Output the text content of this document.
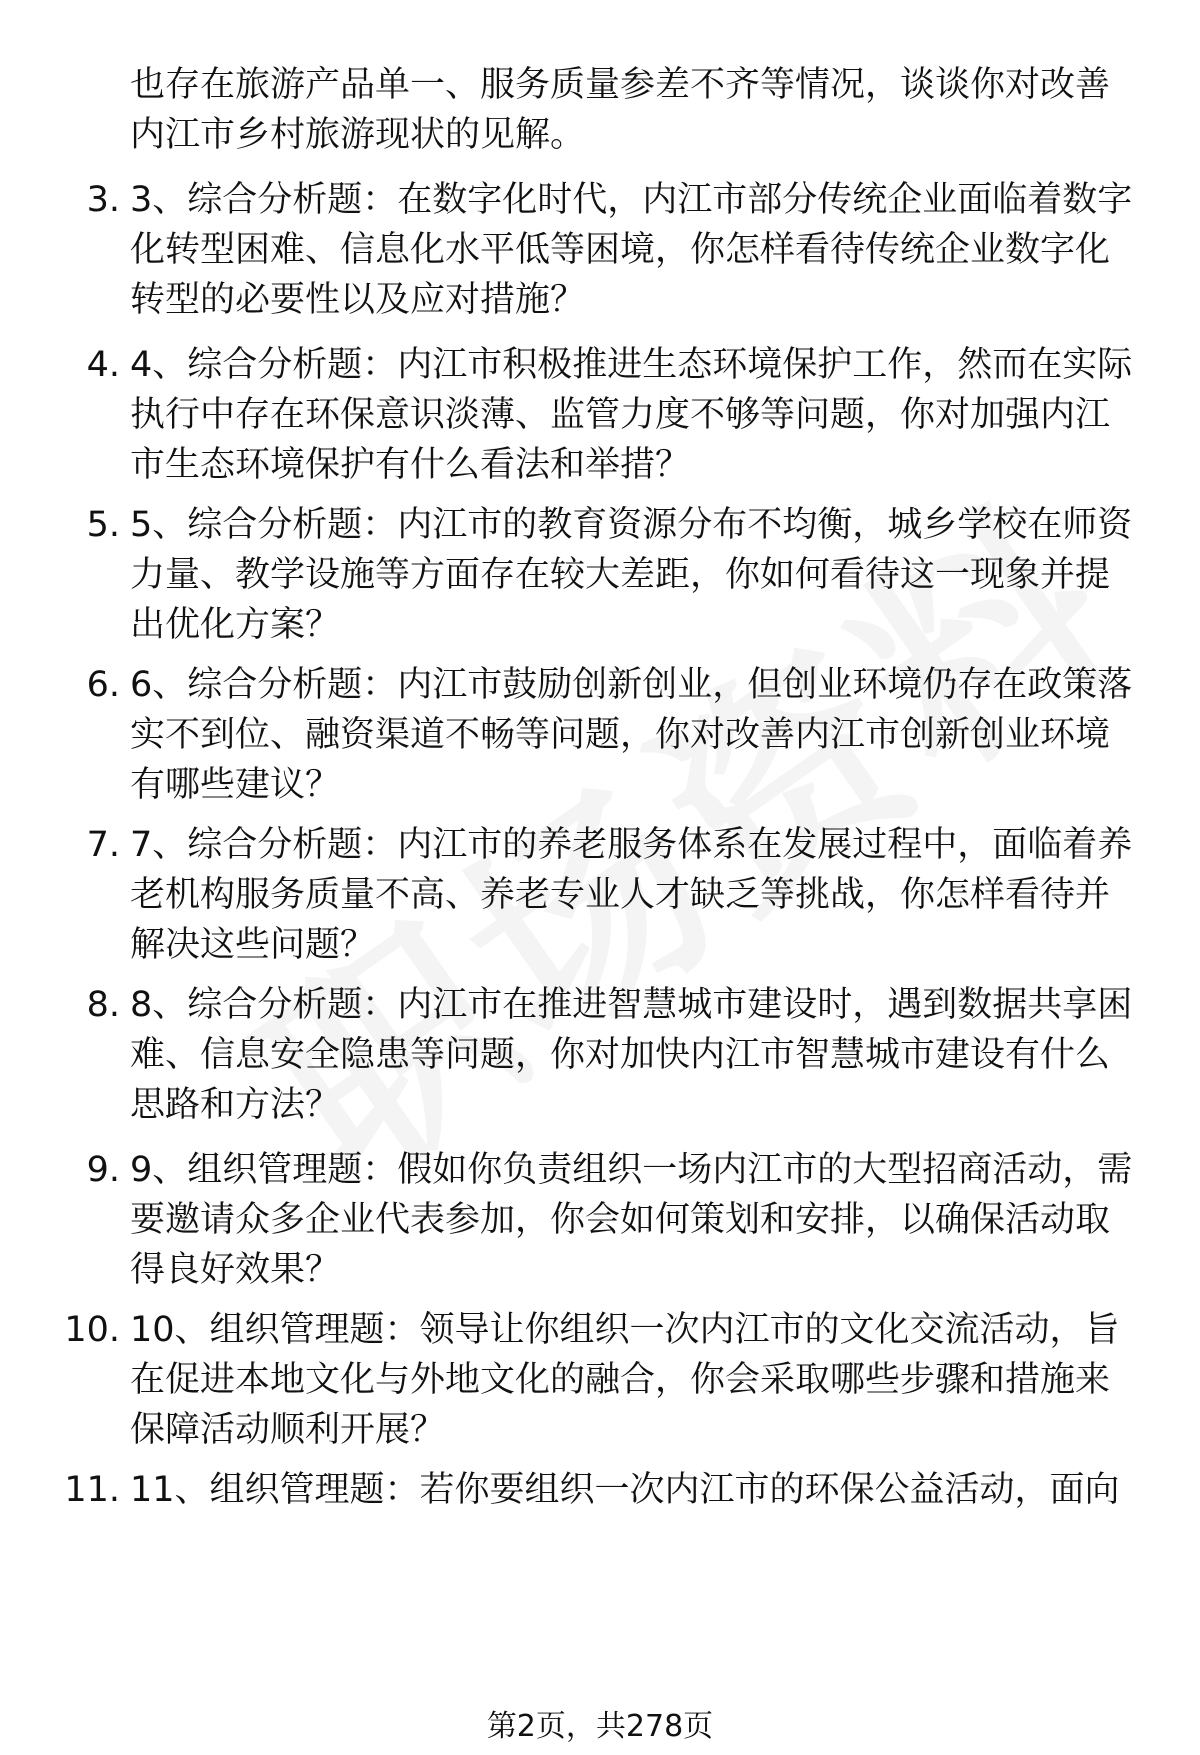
也存在旅游产品单一、服务质量参差不齐等情况，谈谈你对改善
内江市乡村旅游现状的见解。
3. 3、综合分析题：在数字化时代，内江市部分传统企业面临着数字
化转型困难、信息化水平低等困境，你怎样看待传统企业数字化
转型的必要性以及应对措施？
4. 4、综合分析题：内江市积极推进生态环境保护工作，然而在实际
执行中存在环保意识淡薄、监管力度不够等问题，你对加强内江
市生态环境保护有什么看法和举措？
5. 5、综合分析题：内江市的教育资源分布不均衡，城乡学校在师资
力量、教学设施等方面存在较大差距，你如何看待这一现象并提
出优化方案？
6. 6、综合分析题：内江市鼓励创新创业，但创业环境仍存在政策落
实不到位、融资渠道不畅等问题，你对改善内江市创新创业环境
有哪些建议？
7. 7、综合分析题：内江市的养老服务体系在发展过程中，面临着养
老机构服务质量不高、养老专业人才缺乏等挑战，你怎样看待并
解决这些问题？
8. 8、综合分析题：内江市在推进智慧城市建设时，遇到数据共享困
难、信息安全隐患等问题，你对加快内江市智慧城市建设有什么
思路和方法？
9. 9、组织管理题：假如你负责组织一场内江市的大型招商活动，需
要邀请众多企业代表参加，你会如何策划和安排，以确保活动取
得良好效果？
10. 10、组织管理题：领导让你组织一次内江市的文化交流活动，旨
在促进本地文化与外地文化的融合，你会采取哪些步骤和措施来
保障活动顺利开展？
11. 11、组织管理题：若你要组织一次内江市的环保公益活动，面向
第2页，共278页
